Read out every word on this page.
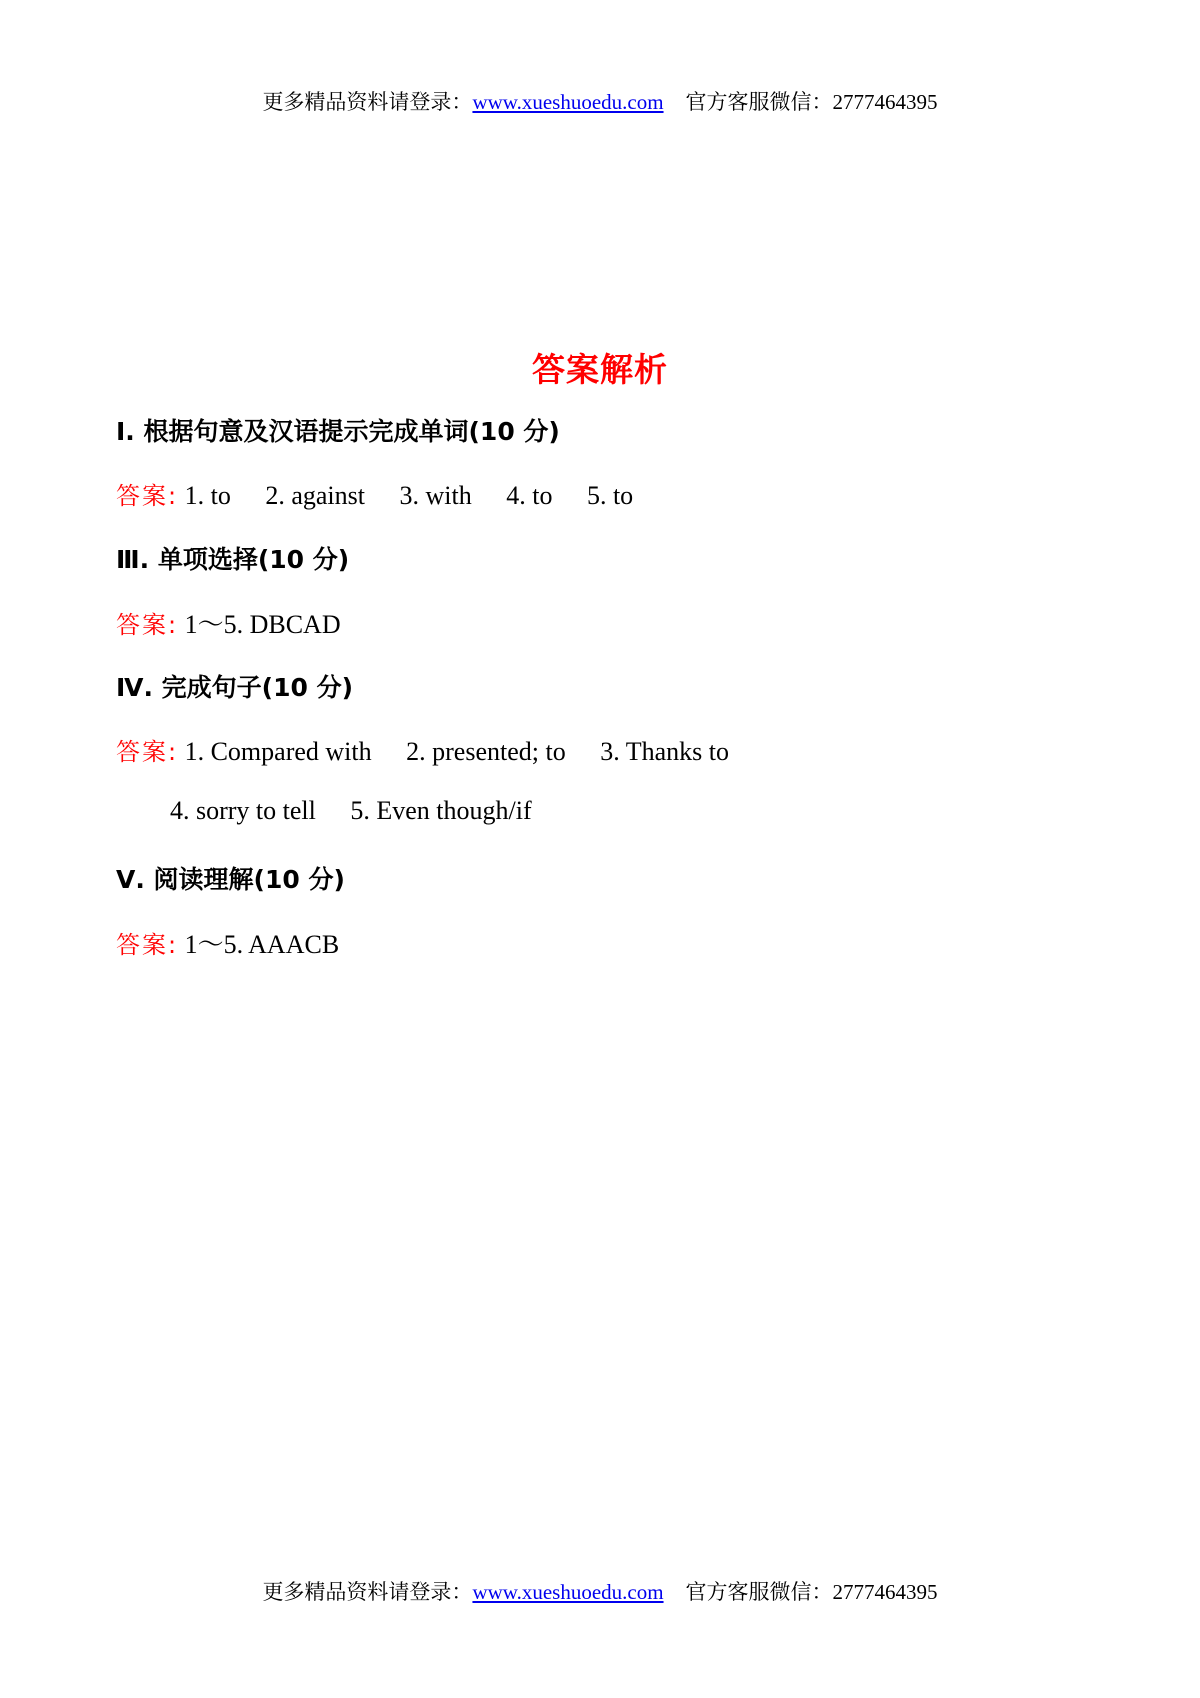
更多精品资料请登录：www.xueshuoedu.com 官方客服微信：2777464395
答案解析
Ⅰ. 根据句意及汉语提示完成单词(10 分)
答案: 1. to 2. against 3. with 4. to 5. to
Ⅲ. 单项选择(10 分)
答案: 1～5. DBCAD
Ⅳ. 完成句子(10 分)
答案: 1. Compared with 2. presented; to 3. Thanks to
4. sorry to tell 5. Even though/if
Ⅴ. 阅读理解(10 分)
答案: 1～5. AAACB
更多精品资料请登录：www.xueshuoedu.com 官方客服微信：2777464395
